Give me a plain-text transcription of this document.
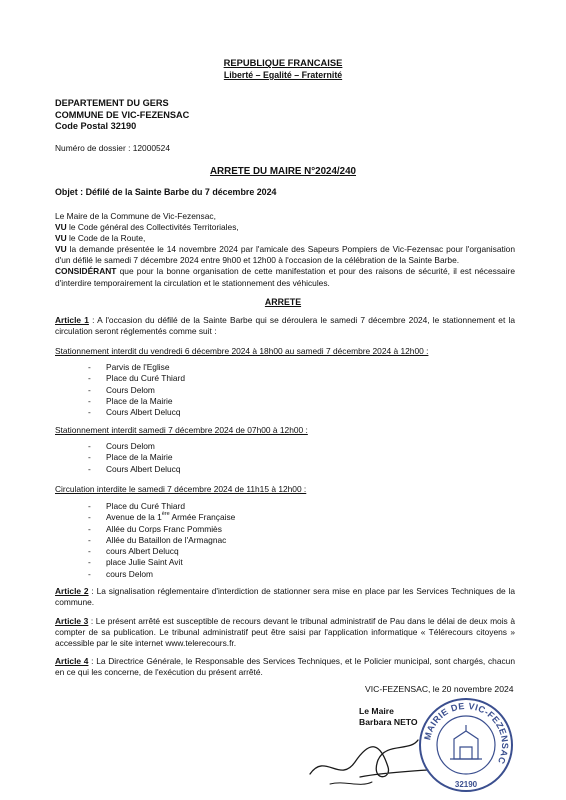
REPUBLIQUE FRANCAISE
Liberté – Egalité – Fraternité
DEPARTEMENT DU GERS
COMMUNE DE VIC-FEZENSAC
Code Postal 32190
Numéro de dossier : 12000524
ARRETE DU MAIRE N°2024/240
Objet : Défilé de la Sainte Barbe du 7 décembre 2024

Le Maire de la Commune de Vic-Fezensac,

VU le Code général des Collectivités Territoriales,

VU le Code de la Route,

VU la demande présentée le 14 novembre 2024 par l'amicale des Sapeurs Pompiers de Vic-Fezensac pour l'organisation d'un défilé le samedi 7 décembre 2024 entre 9h00 et 12h00 à l'occasion de la célébration de la Sainte Barbe.

CONSIDÉRANT que pour la bonne organisation de cette manifestation et pour des raisons de sécurité, il est nécessaire d'interdire temporairement la circulation et le stationnement des véhicules.

ARRETE
Article 1 : A l'occasion du défilé de la Sainte Barbe qui se déroulera le samedi 7 décembre 2024, le stationnement et la circulation seront réglementés comme suit :
Stationnement interdit du vendredi 6 décembre 2024 à 18h00 au samedi 7 décembre 2024 à 12h00 :
- Parvis de l'Eglise
- Place du Curé Thiard
- Cours Delom
- Place de la Mairie
- Cours Albert Delucq
Stationnement interdit samedi 7 décembre 2024 de 07h00 à 12h00 :
- Cours Delom
- Place de la Mairie
- Cours Albert Delucq
Circulation interdite le samedi 7 décembre 2024 de 11h15 à 12h00 :
- Place du Curé Thiard
- Avenue de la 1ère Armée Française
- Allée du Corps Franc Pommiès
- Allée du Bataillon de l'Armagnac
- cours Albert Delucq
- place Julie Saint Avit
- cours Delom
Article 2 : La signalisation réglementaire d'interdiction de stationner sera mise en place par les Services Techniques de la commune.
Article 3 : Le présent arrêté est susceptible de recours devant le tribunal administratif de Pau dans le délai de deux mois à compter de sa publication. Le tribunal administratif peut être saisi par l'application informatique « Télérecours citoyens » accessible par le site internet www.telerecours.fr.
Article 4 : La Directrice Générale, le Responsable des Services Techniques, et le Policier municipal, sont chargés, chacun en ce qui les concerne, de l'exécution du présent arrêté.
VIC-FEZENSAC, le 20 novembre 2024
Le Maire
Barbara NETO
MAIRIE DE VIC-FEZENSAC
32190
